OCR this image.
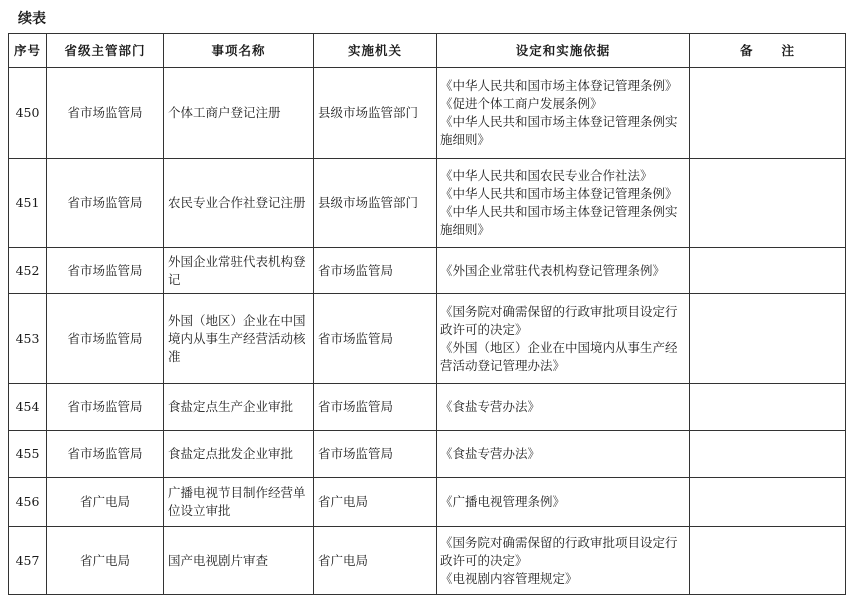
续表
序号	省级主管部门	事项名称	实施机关	设定和实施依据	备 注
450	省市场监管局	个体工商户登记注册	县级市场监管部门	《中华人民共和国市场主体登记管理条例》
《促进个体工商户发展条例》
《中华人民共和国市场主体登记管理条例实施细则》	
451	省市场监管局	农民专业合作社登记注册	县级市场监管部门	《中华人民共和国农民专业合作社法》
《中华人民共和国市场主体登记管理条例》
《中华人民共和国市场主体登记管理条例实施细则》	
452	省市场监管局	外国企业常驻代表机构登记	省市场监管局	《外国企业常驻代表机构登记管理条例》	
453	省市场监管局	外国（地区）企业在中国境内从事生产经营活动核准	省市场监管局	《国务院对确需保留的行政审批项目设定行政许可的决定》
《外国（地区）企业在中国境内从事生产经营活动登记管理办法》	
454	省市场监管局	食盐定点生产企业审批	省市场监管局	《食盐专营办法》	
455	省市场监管局	食盐定点批发企业审批	省市场监管局	《食盐专营办法》	
456	省广电局	广播电视节目制作经营单位设立审批	省广电局	《广播电视管理条例》	
457	省广电局	国产电视剧片审查	省广电局	《国务院对确需保留的行政审批项目设定行政许可的决定》
《电视剧内容管理规定》	
